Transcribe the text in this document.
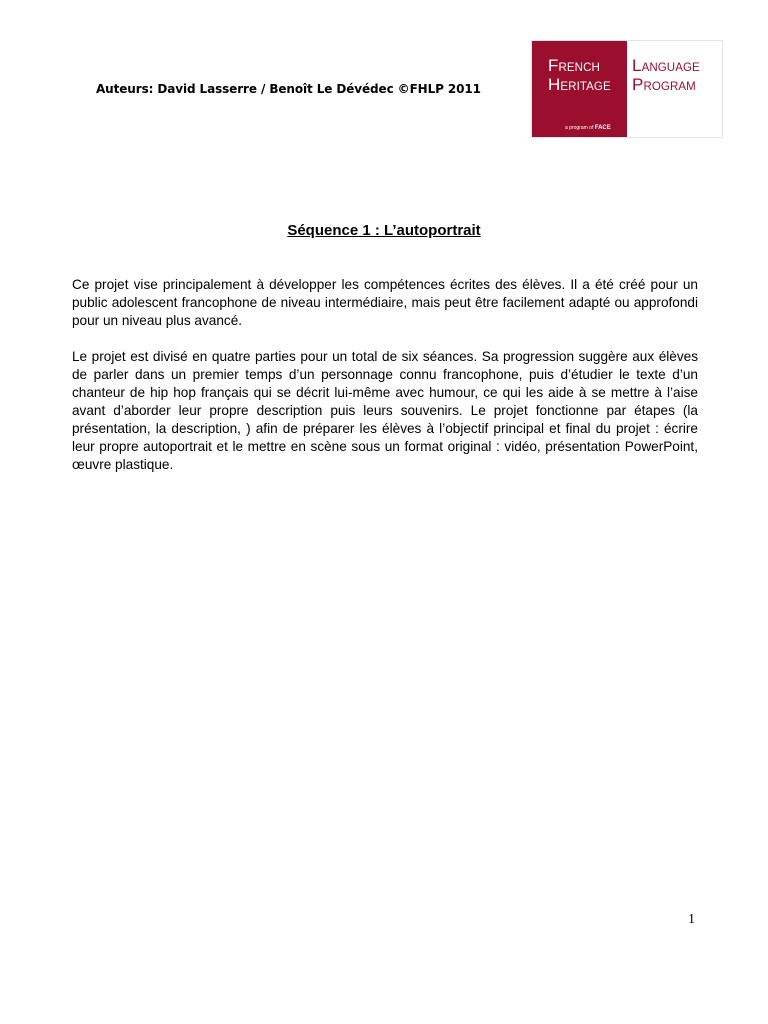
Auteurs: David Lasserre / Benoît Le Dévédec ©FHLP 2011
FRENCH
HERITAGE
a program of FACE
LANGUAGE
PROGRAM
Séquence 1 : L’autoportrait

Ce projet vise principalement à développer les compétences écrites des élèves. Il a été créé pour un public adolescent francophone de niveau intermédiaire, mais peut être facilement adapté ou approfondi pour un niveau plus avancé.

Le projet est divisé en quatre parties pour un total de six séances. Sa progression suggère aux élèves de parler dans un premier temps d’un personnage connu francophone, puis d’étudier le texte d’un chanteur de hip hop français qui se décrit lui-même avec humour, ce qui les aide à se mettre à l’aise avant d’aborder leur propre description puis leurs souvenirs. Le projet fonctionne par étapes (la présentation, la description, ) afin de préparer les élèves à l’objectif principal et final du projet : écrire leur propre autoportrait et le mettre en scène sous un format original : vidéo, présentation PowerPoint, œuvre plastique.

1
